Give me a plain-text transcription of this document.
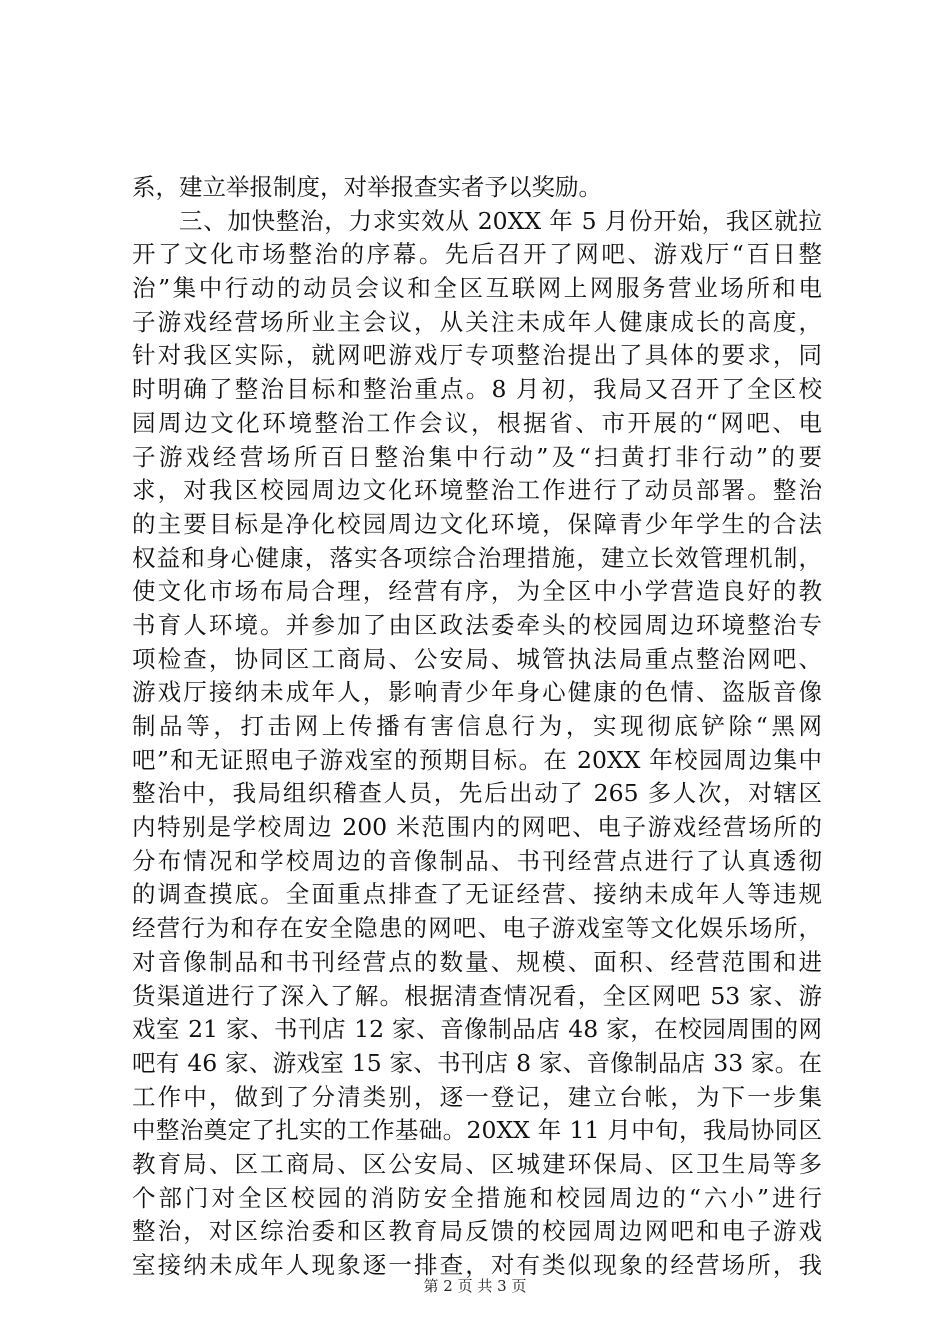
系，建立举报制度，对举报查实者予以奖励。
三、加快整治，力求实效从 20XX 年 5 月份开始，我区就拉
开了文化市场整治的序幕。先后召开了网吧、游戏厅“百日整
治”集中行动的动员会议和全区互联网上网服务营业场所和电
子游戏经营场所业主会议，从关注未成年人健康成长的高度，
针对我区实际，就网吧游戏厅专项整治提出了具体的要求，同
时明确了整治目标和整治重点。8 月初，我局又召开了全区校
园周边文化环境整治工作会议，根据省、市开展的“网吧、电
子游戏经营场所百日整治集中行动”及“扫黄打非行动”的要
求，对我区校园周边文化环境整治工作进行了动员部署。整治
的主要目标是净化校园周边文化环境，保障青少年学生的合法
权益和身心健康，落实各项综合治理措施，建立长效管理机制，
使文化市场布局合理，经营有序，为全区中小学营造良好的教
书育人环境。并参加了由区政法委牵头的校园周边环境整治专
项检查，协同区工商局、公安局、城管执法局重点整治网吧、
游戏厅接纳未成年人，影响青少年身心健康的色情、盗版音像
制品等，打击网上传播有害信息行为，实现彻底铲除“黑网
吧”和无证照电子游戏室的预期目标。在 20XX 年校园周边集中
整治中，我局组织稽查人员，先后出动了 265 多人次，对辖区
内特别是学校周边 200 米范围内的网吧、电子游戏经营场所的
分布情况和学校周边的音像制品、书刊经营点进行了认真透彻
的调查摸底。全面重点排查了无证经营、接纳未成年人等违规
经营行为和存在安全隐患的网吧、电子游戏室等文化娱乐场所，
对音像制品和书刊经营点的数量、规模、面积、经营范围和进
货渠道进行了深入了解。根据清查情况看，全区网吧 53 家、游
戏室 21 家、书刊店 12 家、音像制品店 48 家，在校园周围的网
吧有 46 家、游戏室 15 家、书刊店 8 家、音像制品店 33 家。在
工作中，做到了分清类别，逐一登记，建立台帐，为下一步集
中整治奠定了扎实的工作基础。20XX 年 11 月中旬，我局协同区
教育局、区工商局、区公安局、区城建环保局、区卫生局等多
个部门对全区校园的消防安全措施和校园周边的“六小”进行
整治，对区综治委和区教育局反馈的校园周边网吧和电子游戏
室接纳未成年人现象逐一排查，对有类似现象的经营场所，我
第 2 页 共 3 页
